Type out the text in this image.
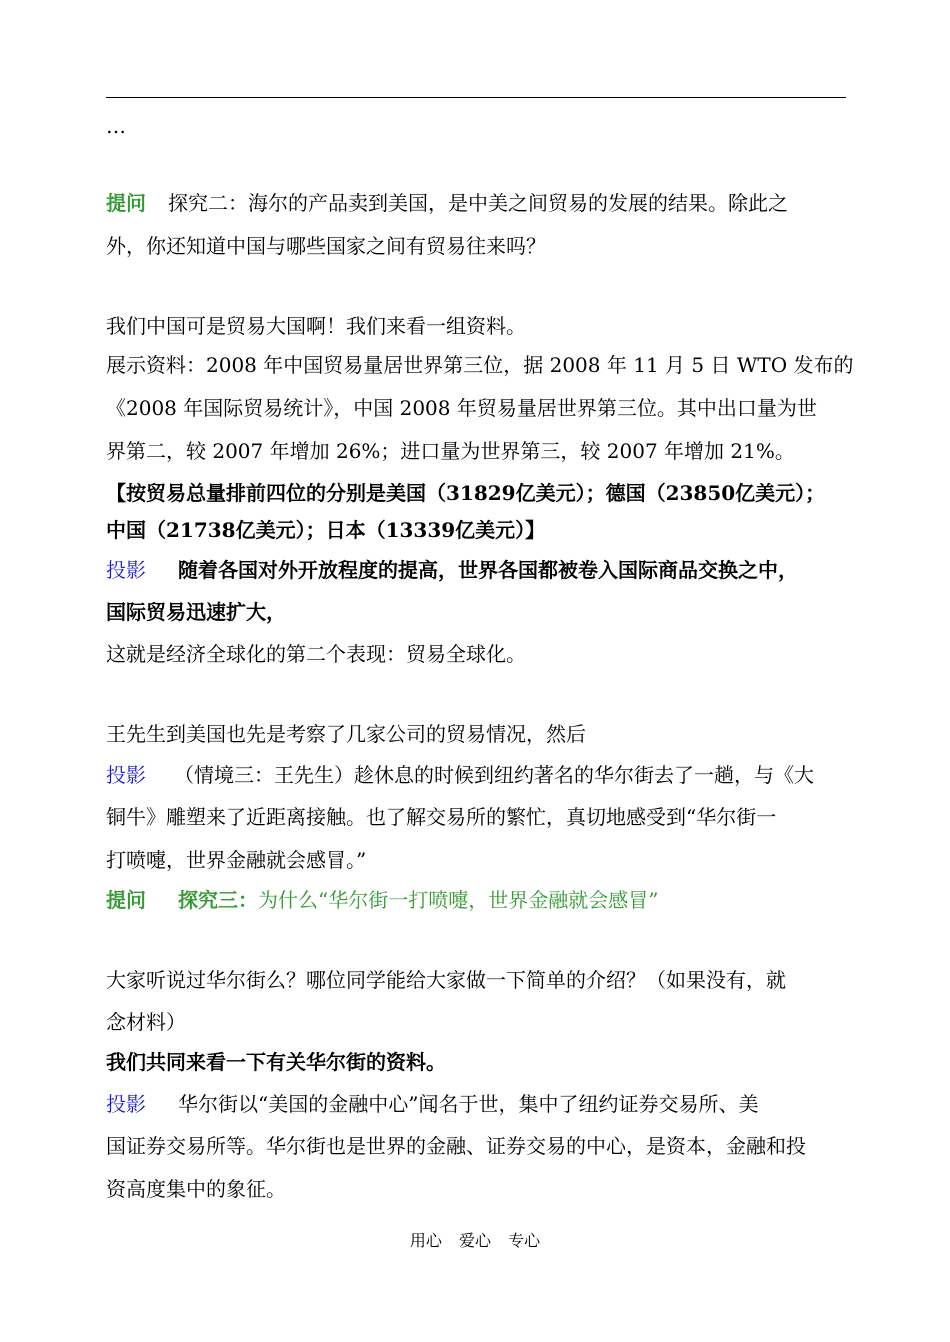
…
提问 探究二：海尔的产品卖到美国，是中美之间贸易的发展的结果。除此之
外，你还知道中国与哪些国家之间有贸易往来吗？
我们中国可是贸易大国啊！我们来看一组资料。
展示资料：2008 年中国贸易量居世界第三位，据 2008 年 11 月 5 日 WTO 发布的
《2008 年国际贸易统计》，中国 2008 年贸易量居世界第三位。其中出口量为世
界第二，较 2007 年增加 26%；进口量为世界第三，较 2007 年增加 21%。
【按贸易总量排前四位的分别是美国（31829亿美元）；德国（23850亿美元）；
中国（21738亿美元）；日本（13339亿美元）】
投影 随着各国对外开放程度的提高，世界各国都被卷入国际商品交换之中，
国际贸易迅速扩大，
这就是经济全球化的第二个表现：贸易全球化。
王先生到美国也先是考察了几家公司的贸易情况，然后
投影 （情境三：王先生）趁休息的时候到纽约著名的华尔街去了一趟，与《大
铜牛》雕塑来了近距离接触。也了解交易所的繁忙，真切地感受到“华尔街一
打喷嚏，世界金融就会感冒。”
提问 探究三：为什么“华尔街一打喷嚏，世界金融就会感冒”
大家听说过华尔街么？哪位同学能给大家做一下简单的介绍？（如果没有，就
念材料）
我们共同来看一下有关华尔街的资料。
投影 华尔街以“美国的金融中心”闻名于世，集中了纽约证券交易所、美
国证券交易所等。华尔街也是世界的金融、证券交易的中心，是资本，金融和投
资高度集中的象征。
用心 爱心 专心
